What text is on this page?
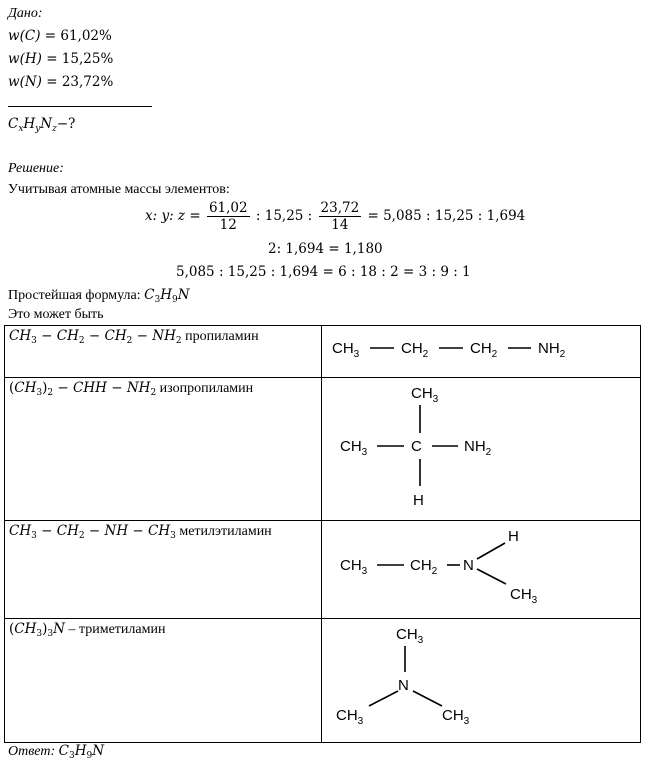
Дано:
w(C) = 61,02%
w(H) = 15,25%
w(N) = 23,72%
$C_xH_yN_z-$?
Решение:
Учитывая атомные массы элементов:
x: y: $z = \frac{61,02}{12}$ : 15,25 : $\frac{23,72}{14} = 5,085$ : 15,25 : 1,694
2: 1,694 = 1,180
5,085 : 15,25 : 1,694 = 6 : 18 : 2 = 3 : 9 : 1
Простейшая формула: $C_3H_9N$
Это может быть
$CH_3 - CH_2 - CH_2 - NH_2$ пропиламин	$CH_3$ $CH_2$ $CH_2$ $NH_2$

$(CH_3)_2$ − CHH − $NH_2$ изопропиламин	$CH_3$
$CH_3$ C $NH_2$
H

$CH_3 - CH_2$ − NH − $CH_3$ метилэтиламин	$CH_3$ $CH_2$ N
H
$CH_3$

$(CH_3)_3N$ – триметиламин	$CH_3$
N
$CH_3$ $CH_3$
Ответ: $C_3H_9N$
